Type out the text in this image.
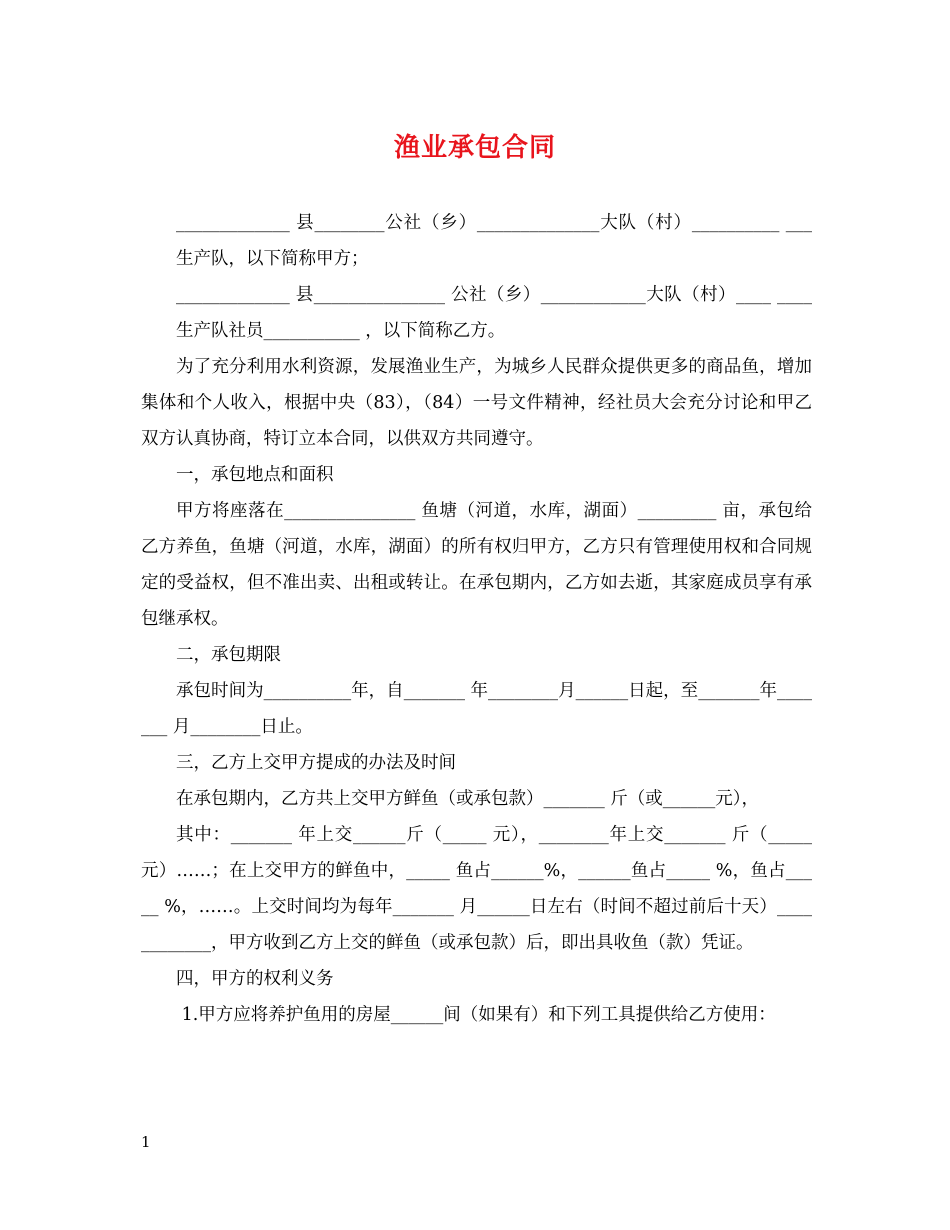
渔业承包合同

_____________ 县________公社（乡）______________大队（村）__________ ___

生产队，以下简称甲方；

_____________ 县_______________ 公社（乡）____________大队（村）____ ____

生产队社员___________ ，以下简称乙方。

为了充分利用水利资源，发展渔业生产，为城乡人民群众提供更多的商品鱼，增加集体和个人收入，根据中央（83），（84）一号文件精神，经社员大会充分讨论和甲乙双方认真协商，特订立本合同，以供双方共同遵守。

一，承包地点和面积

甲方将座落在_______________ 鱼塘（河道，水库，湖面）_________ 亩，承包给乙方养鱼，鱼塘（河道，水库，湖面）的所有权归甲方，乙方只有管理使用权和合同规定的受益权，但不准出卖、出租或转让。在承包期内，乙方如去逝，其家庭成员享有承包继承权。

二，承包期限

承包时间为__________年，自_______ 年________月______日起，至_______年_______ 月________日止。

三，乙方上交甲方提成的办法及时间

在承包期内，乙方共上交甲方鲜鱼（或承包款）_______ 斤（或______元），

其中：_______ 年上交______斤（_____ 元），________年上交_______ 斤（_____ 元）……；在上交甲方的鲜鱼中，_____ 鱼占______%，______鱼占_____ %，鱼占_____ %，……。上交时间均为每年_______ 月______日左右（时间不超过前后十天）____________，甲方收到乙方上交的鲜鱼（或承包款）后，即出具收鱼（款）凭证。

四，甲方的权利义务

1.甲方应将养护鱼用的房屋______间（如果有）和下列工具提供给乙方使用：

1
